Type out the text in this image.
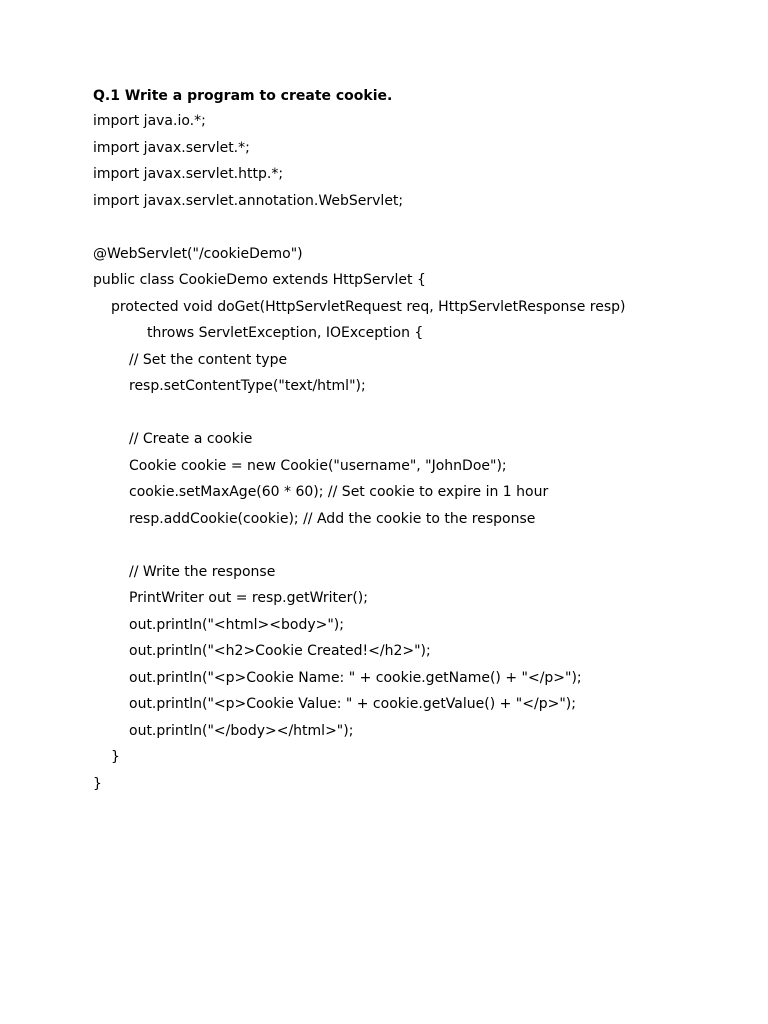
Q.1 Write a program to create cookie.
import java.io.*;
import javax.servlet.*;
import javax.servlet.http.*;
import javax.servlet.annotation.WebServlet;
@WebServlet("/cookieDemo")
public class CookieDemo extends HttpServlet {
protected void doGet(HttpServletRequest req, HttpServletResponse resp)
throws ServletException, IOException {
// Set the content type
resp.setContentType("text/html");
// Create a cookie
Cookie cookie = new Cookie("username", "JohnDoe");
cookie.setMaxAge(60 * 60); // Set cookie to expire in 1 hour
resp.addCookie(cookie); // Add the cookie to the response
// Write the response
PrintWriter out = resp.getWriter();
out.println("<html><body>");
out.println("<h2>Cookie Created!</h2>");
out.println("<p>Cookie Name: " + cookie.getName() + "</p>");
out.println("<p>Cookie Value: " + cookie.getValue() + "</p>");
out.println("</body></html>");
}
}
